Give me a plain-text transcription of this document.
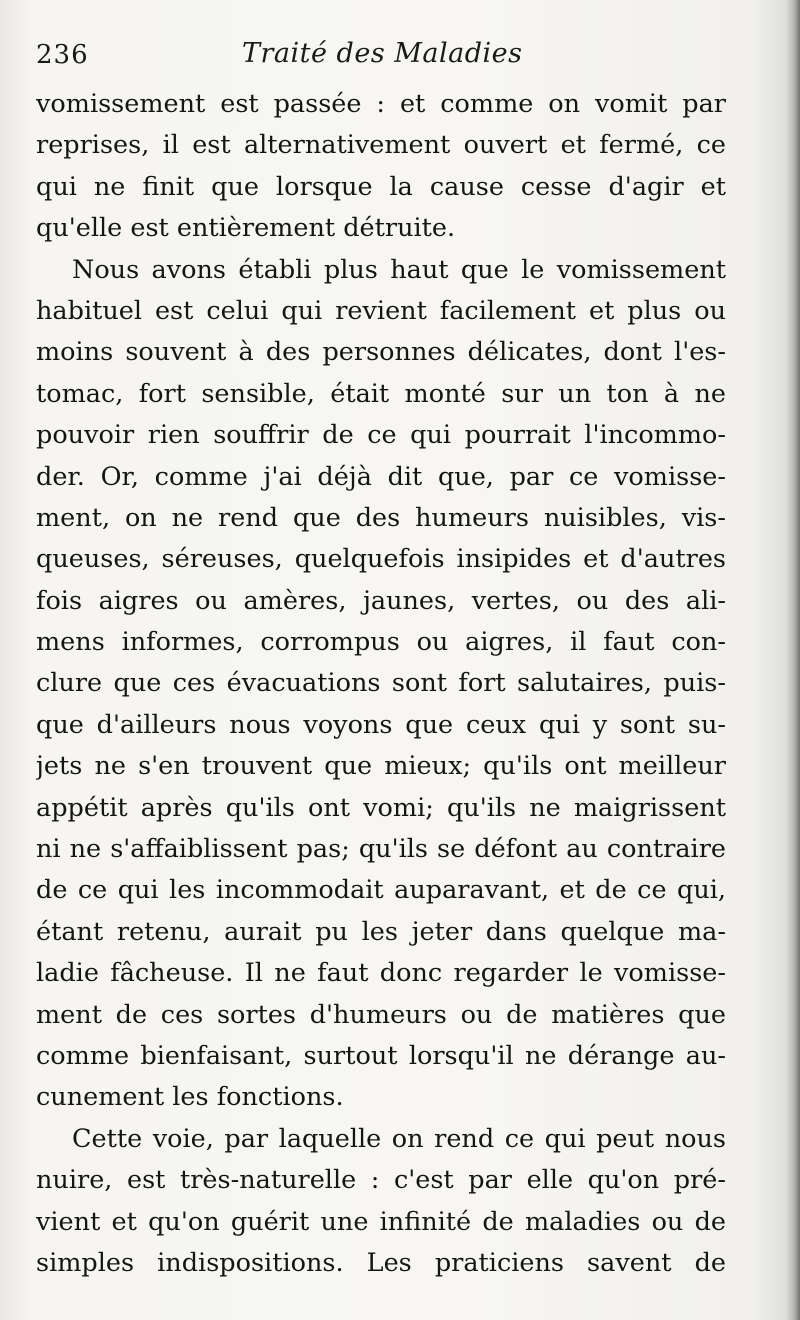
236	Traité des Maladies
vomissement est passée : et comme on vomit par
reprises, il est alternativement ouvert et fermé, ce
qui ne finit que lorsque la cause cesse d'agir et
qu'elle est entièrement détruite.
Nous avons établi plus haut que le vomissement
habituel est celui qui revient facilement et plus ou
moins souvent à des personnes délicates, dont l'es-
tomac, fort sensible, était monté sur un ton à ne
pouvoir rien souffrir de ce qui pourrait l'incommo-
der. Or, comme j'ai déjà dit que, par ce vomisse-
ment, on ne rend que des humeurs nuisibles, vis-
queuses, séreuses, quelquefois insipides et d'autres
fois aigres ou amères, jaunes, vertes, ou des ali-
mens informes, corrompus ou aigres, il faut con-
clure que ces évacuations sont fort salutaires, puis-
que d'ailleurs nous voyons que ceux qui y sont su-
jets ne s'en trouvent que mieux; qu'ils ont meilleur
appétit après qu'ils ont vomi; qu'ils ne maigrissent
ni ne s'affaiblissent pas; qu'ils se défont au contraire
de ce qui les incommodait auparavant, et de ce qui,
étant retenu, aurait pu les jeter dans quelque ma-
ladie fâcheuse. Il ne faut donc regarder le vomisse-
ment de ces sortes d'humeurs ou de matières que
comme bienfaisant, surtout lorsqu'il ne dérange au-
cunement les fonctions.
Cette voie, par laquelle on rend ce qui peut nous
nuire, est très-naturelle : c'est par elle qu'on pré-
vient et qu'on guérit une infinité de maladies ou de
simples indispositions. Les praticiens savent de
